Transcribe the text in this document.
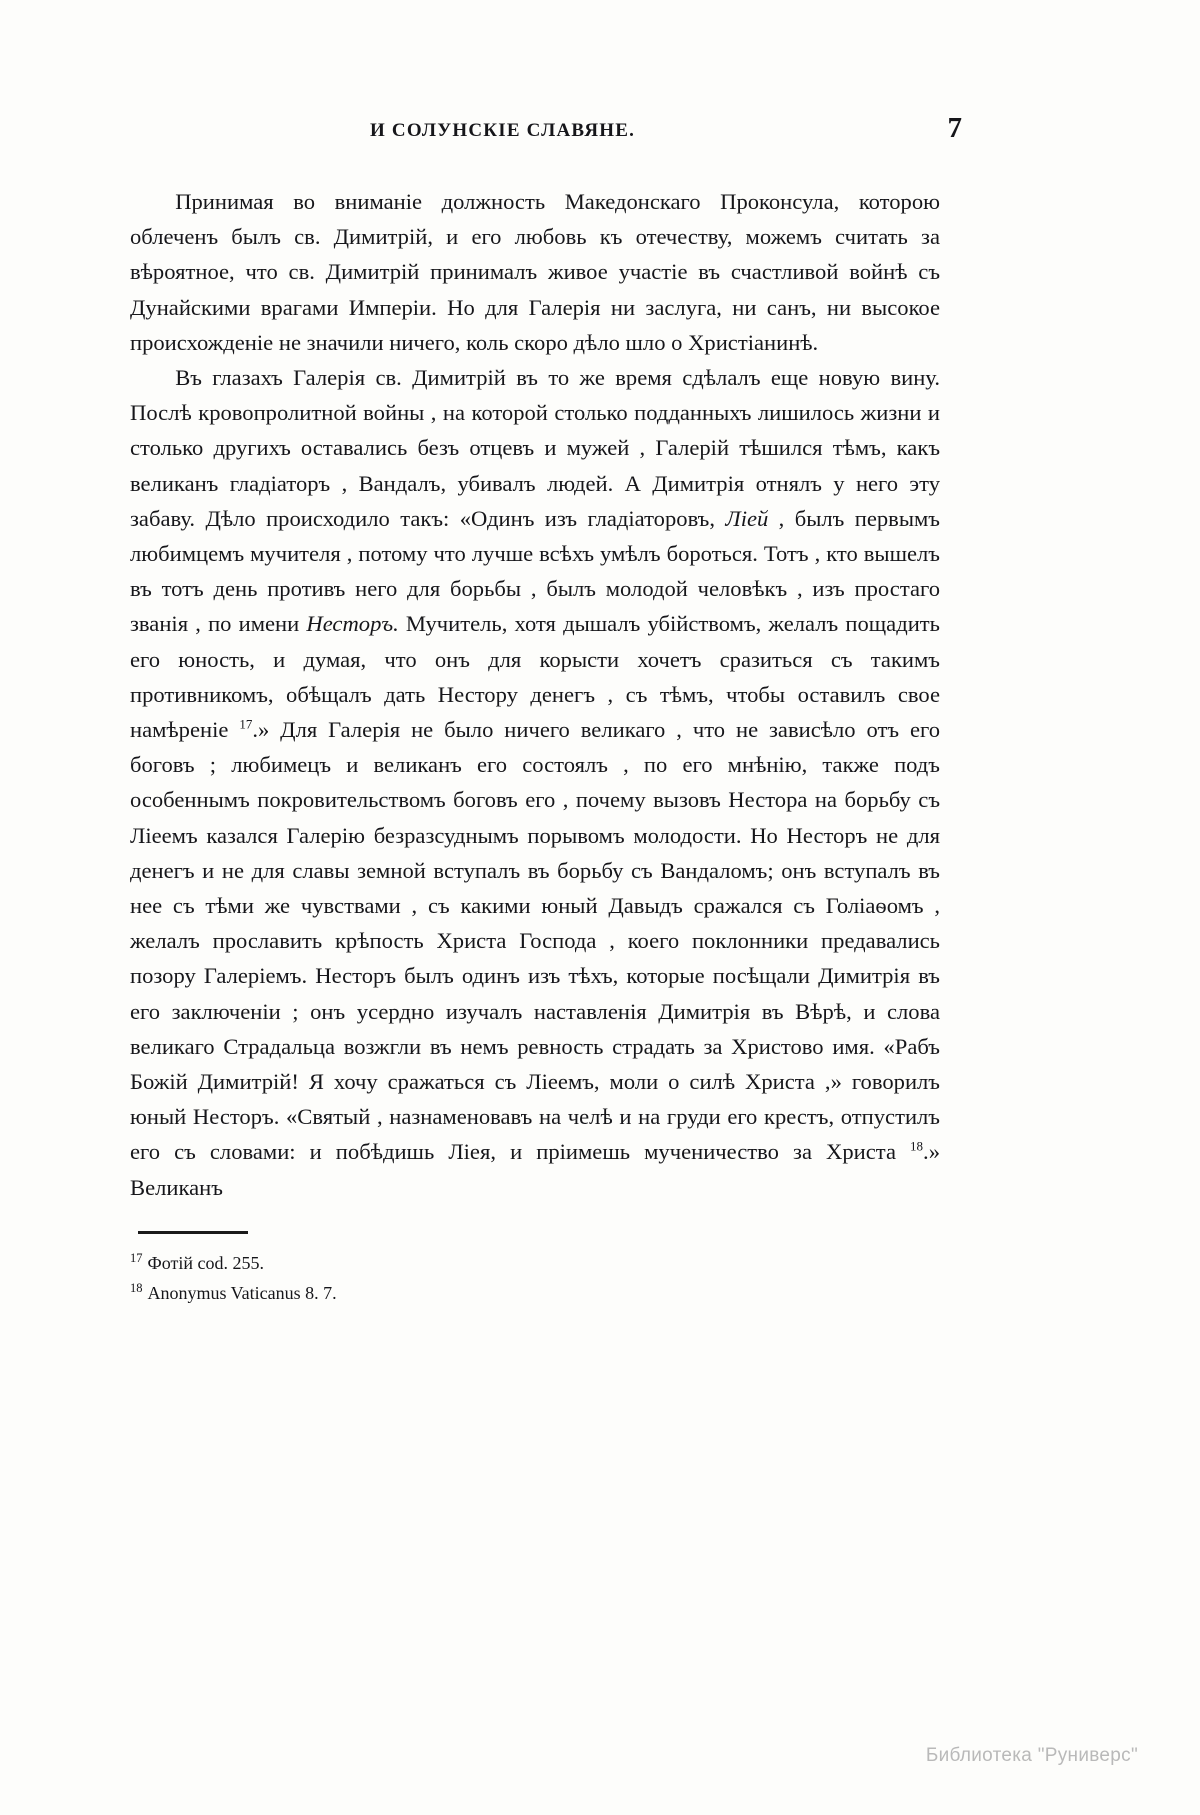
И СОЛУНСКІЕ СЛАВЯНЕ.	7

Принимая во вниманіе должность Македонскаго Проконсула, которою облеченъ былъ св. Димитрій, и его любовь къ отечеству, можемъ считать за вѣроятное, что св. Димитрій принималъ живое участіе въ счастливой войнѣ съ Дунайскими врагами Имперіи. Но для Галерія ни заслуга, ни санъ, ни высокое происхожденіе не значили ничего, коль скоро дѣло шло о Христіанинѣ.

Въ глазахъ Галерія св. Димитрій въ то же время сдѣлалъ еще новую вину. Послѣ кровопролитной войны , на которой столько подданныхъ лишилось жизни и столько другихъ оставались безъ отцевъ и мужей , Галерій тѣшился тѣмъ, какъ великанъ гладіаторъ , Вандалъ, убивалъ людей. А Димитрія отнялъ у него эту забаву. Дѣло происходило такъ: «Одинъ изъ гладіаторовъ, Лieй , былъ первымъ любимцемъ мучителя , потому что лучше всѣхъ умѣлъ бороться. Тотъ , кто вышелъ въ тотъ день противъ него для борьбы , былъ молодой человѣкъ , изъ простаго званія , по имени Несторъ. Мучитель, хотя дышалъ убійствомъ, желалъ пощадить его юность, и думая, что онъ для корысти хочетъ сразиться съ такимъ противникомъ, обѣщалъ дать Нестору денегъ , съ тѣмъ, чтобы оставилъ свое намѣреніе $^{17}$.» Для Галерія не было ничего великаго , что не зависѣло отъ его боговъ ; любимецъ и великанъ его состоялъ , по его мнѣнію, также подъ особеннымъ покровительствомъ боговъ его , почему вызовъ Нестора на борьбу съ Лieeмъ казался Галерію безразсуднымъ порывомъ молодости. Но Несторъ не для денегъ и не для славы земной вступалъ въ борьбу съ Вандаломъ; онъ вступалъ въ нее съ тѣми же чувствами , съ какими юный Давыдъ сражался съ Голіаѳомъ , желалъ прославить крѣпость Христа Господа , коего поклонники предавались позору Галеріемъ. Несторъ былъ одинъ изъ тѣхъ, которые посѣщали Димитрія въ его заключеніи ; онъ усердно изучалъ наставленія Димитрія въ Вѣрѣ, и слова великаго Страдальца возжгли въ немъ ревность страдать за Христово имя. «Рабъ Божій Димитрій! Я хочу сражаться съ Лieeмъ, моли о силѣ Христа ,» говорилъ юный Несторъ. «Святый , назнаменовавъ на челѣ и на груди его крестъ, отпустилъ его съ словами: и побѣдишь Лieя, и пріимешь мученичество за Христа $^{18}$.» Великанъ

$^{17}$ Фотій cod. 255.
$^{18}$ Anonymus Vaticanus 8. 7.
Библиотека "Руниверс"
